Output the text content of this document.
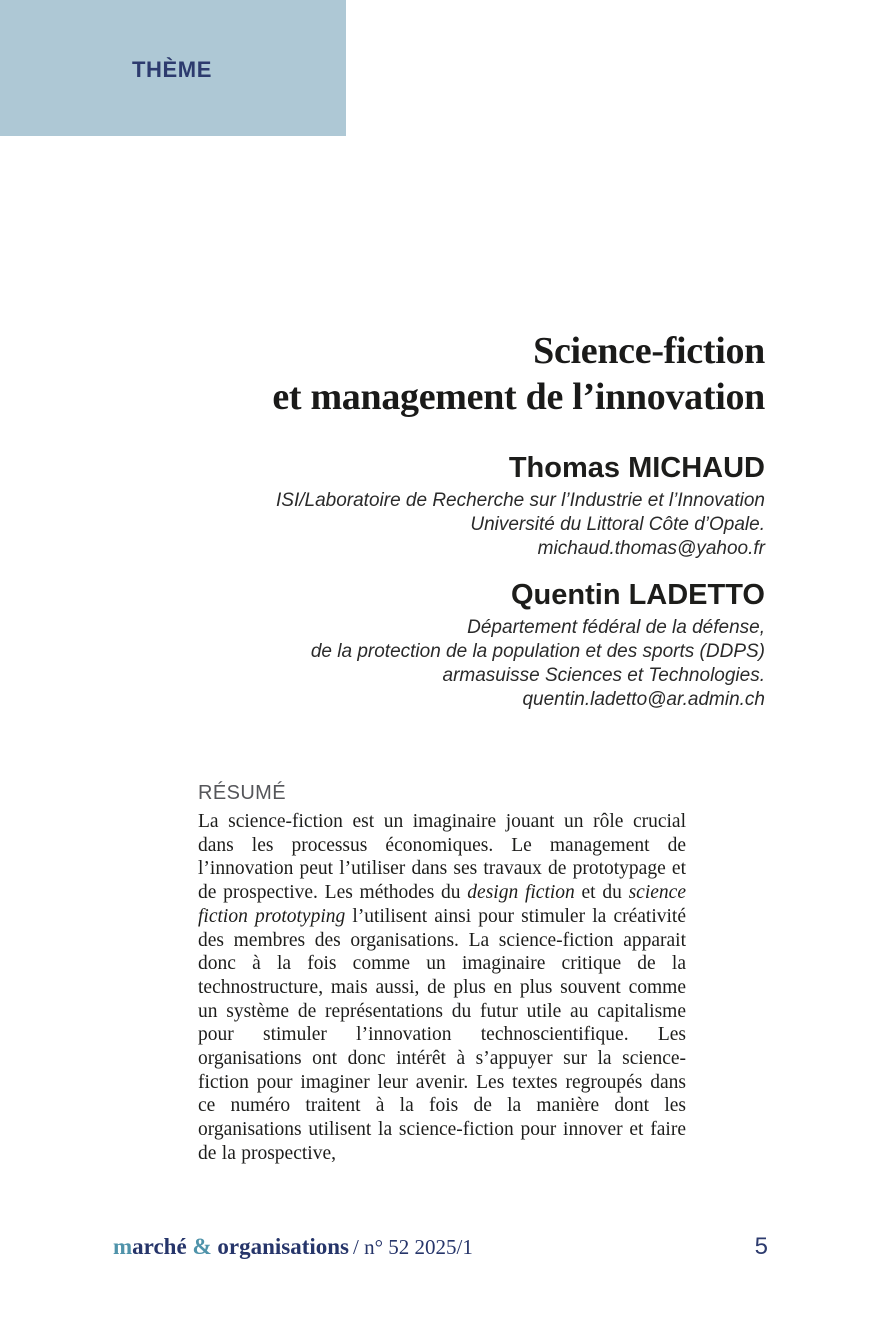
THÈME
Science-fiction
et management de l’innovation
Thomas MICHAUD
ISI/Laboratoire de Recherche sur l’Industrie et l’Innovation
Université du Littoral Côte d’Opale.
michaud.thomas@yahoo.fr
Quentin LADETTO
Département fédéral de la défense,
de la protection de la population et des sports (DDPS)
armasuisse Sciences et Technologies.
quentin.ladetto@ar.admin.ch
RÉSUMÉ
La science-fiction est un imaginaire jouant un rôle crucial dans les processus économiques. Le management de l’innovation peut l’utiliser dans ses travaux de prototypage et de prospective. Les méthodes du design fiction et du science fiction prototyping l’utilisent ainsi pour stimuler la créativité des membres des organisations. La science-fiction apparait donc à la fois comme un imaginaire critique de la technostructure, mais aussi, de plus en plus souvent comme un système de représentations du futur utile au capitalisme pour stimuler l’innovation technoscientifique. Les organisations ont donc intérêt à s’appuyer sur la science-fiction pour imaginer leur avenir. Les textes regroupés dans ce numéro traitent à la fois de la manière dont les organisations utilisent la science-fiction pour innover et faire de la prospective,
marché & organisations / n° 52 2025/1	5
